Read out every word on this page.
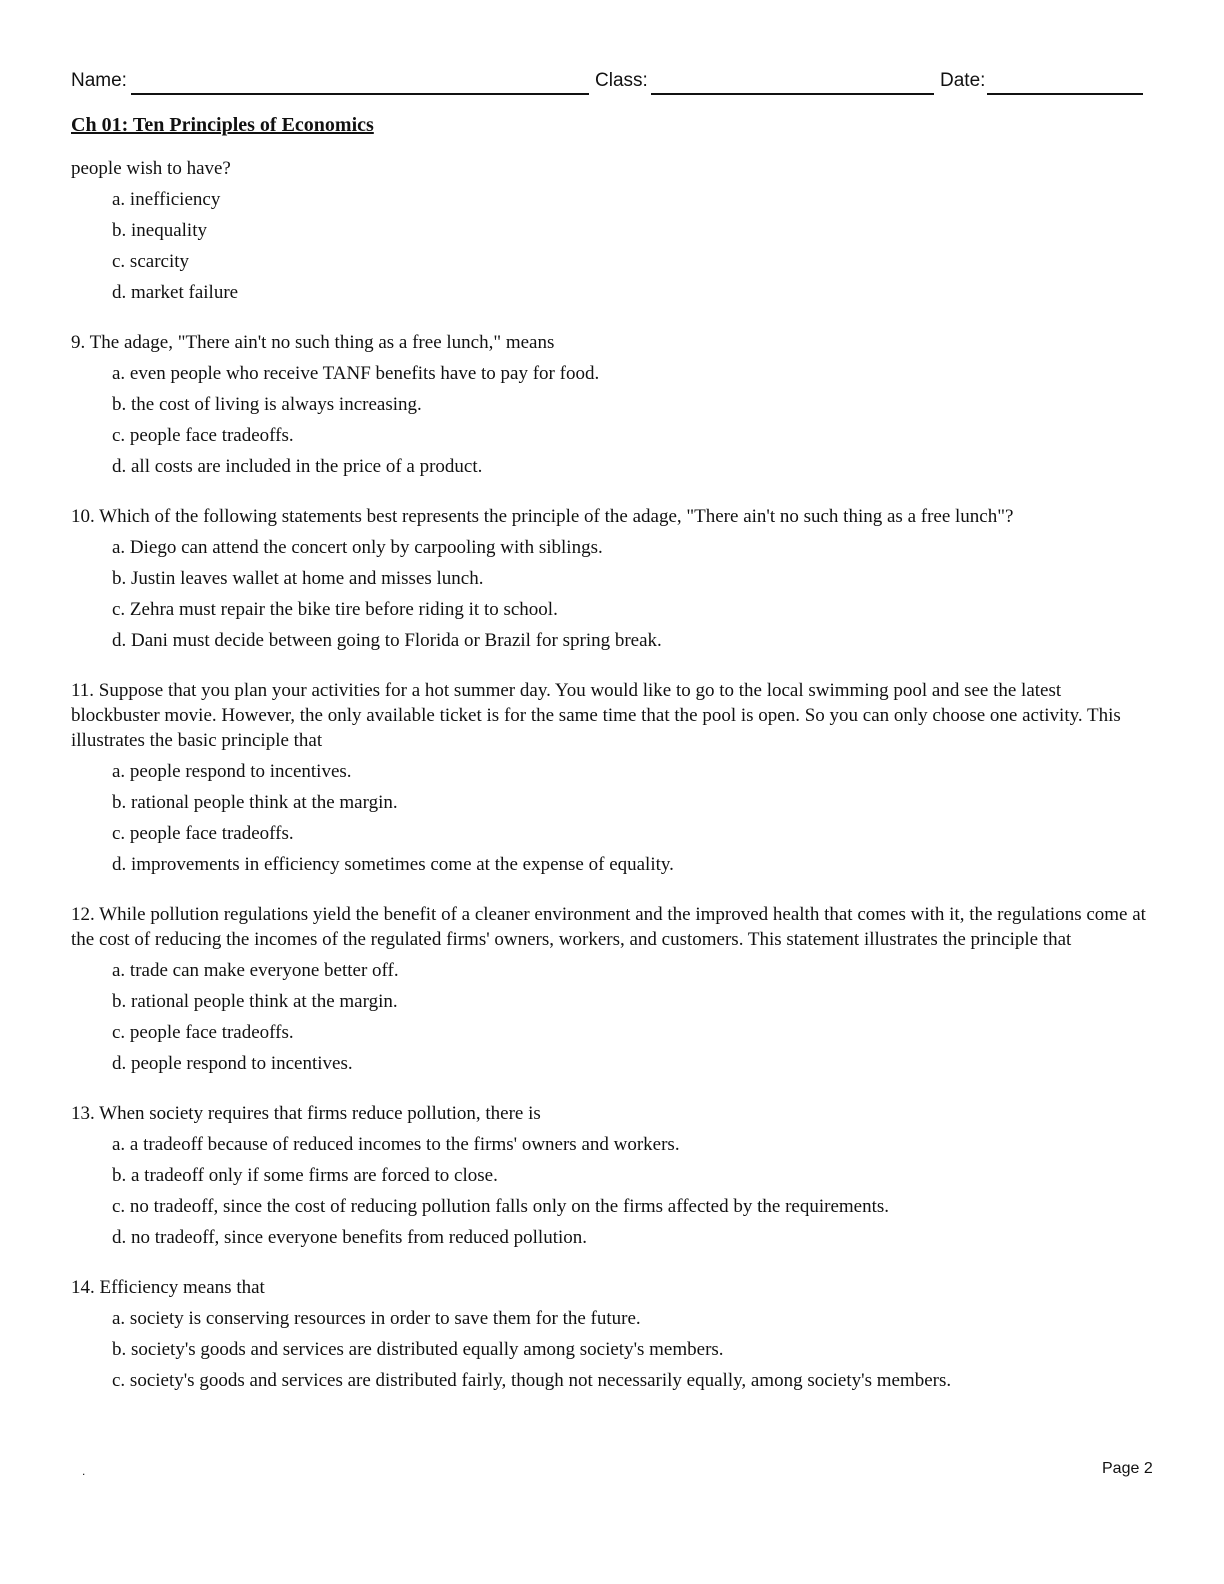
Name:	Class:	Date:
Ch 01: Ten Principles of Economics

people wish to have?

a. inefficiency

b. inequality

c. scarcity

d. market failure

9. The adage, "There ain't no such thing as a free lunch," means

a. even people who receive TANF benefits have to pay for food.

b. the cost of living is always increasing.

c. people face tradeoffs.

d. all costs are included in the price of a product.

10. Which of the following statements best represents the principle of the adage, "There ain't no such thing as a free lunch"?

a. Diego can attend the concert only by carpooling with siblings.

b. Justin leaves wallet at home and misses lunch.

c. Zehra must repair the bike tire before riding it to school.

d. Dani must decide between going to Florida or Brazil for spring break.

11. Suppose that you plan your activities for a hot summer day. You would like to go to the local swimming pool and see the latest blockbuster movie. However, the only available ticket is for the same time that the pool is open. So you can only choose one activity. This illustrates the basic principle that

a. people respond to incentives.

b. rational people think at the margin.

c. people face tradeoffs.

d. improvements in efficiency sometimes come at the expense of equality.

12. While pollution regulations yield the benefit of a cleaner environment and the improved health that comes with it, the regulations come at the cost of reducing the incomes of the regulated firms' owners, workers, and customers. This statement illustrates the principle that

a. trade can make everyone better off.

b. rational people think at the margin.

c. people face tradeoffs.

d. people respond to incentives.

13. When society requires that firms reduce pollution, there is

a. a tradeoff because of reduced incomes to the firms' owners and workers.

b. a tradeoff only if some firms are forced to close.

c. no tradeoff, since the cost of reducing pollution falls only on the firms affected by the requirements.

d. no tradeoff, since everyone benefits from reduced pollution.

14. Efficiency means that

a. society is conserving resources in order to save them for the future.

b. society's goods and services are distributed equally among society's members.

c. society's goods and services are distributed fairly, though not necessarily equally, among society's members.

.	Page 2
